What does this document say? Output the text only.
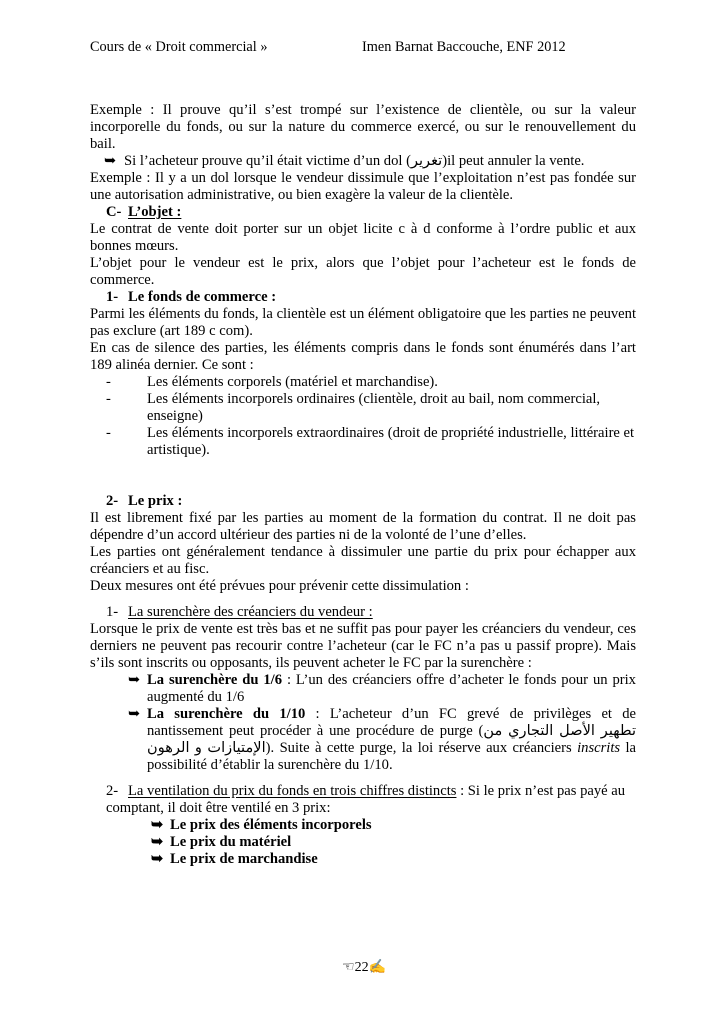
Cours de « Droit commercial »	Imen Barnat Baccouche, ENF 2012

Exemple : Il prouve qu’il s’est trompé sur l’existence de clientèle, ou sur la valeur incorporelle du fonds, ou sur la nature du commerce exercé, ou sur le renouvellement du bail.

➥ Si l’acheteur prouve qu’il était victime d’un dol (تغرير)il peut annuler la vente.

Exemple : Il y a un dol lorsque le vendeur dissimule que l’exploitation n’est pas fondée sur une autorisation administrative, ou bien exagère la valeur de la clientèle.

C- L’objet :

Le contrat de vente doit porter sur un objet licite c à d conforme à l’ordre public et aux bonnes mœurs.

L’objet pour le vendeur est le prix, alors que l’objet pour l’acheteur est le fonds de commerce.

1- Le fonds de commerce :

Parmi les éléments du fonds, la clientèle est un élément obligatoire que les parties ne peuvent pas exclure (art 189 c com).

En cas de silence des parties, les éléments compris dans le fonds sont énumérés dans l’art 189 alinéa dernier. Ce sont :

- Les éléments corporels (matériel et marchandise).
- Les éléments incorporels ordinaires (clientèle, droit au bail, nom commercial, enseigne)
- Les éléments incorporels extraordinaires (droit de propriété industrielle, littéraire et artistique).

2- Le prix :

Il est librement fixé par les parties au moment de la formation du contrat. Il ne doit pas dépendre d’un accord ultérieur des parties ni de la volonté de l’une d’elles.

Les parties ont généralement tendance à dissimuler une partie du prix pour échapper aux créanciers et au fisc.

Deux mesures ont été prévues pour prévenir cette dissimulation :

1- La surenchère des créanciers du vendeur :

Lorsque le prix de vente est très bas et ne suffit pas pour payer les créanciers du vendeur, ces derniers ne peuvent pas recourir contre l’acheteur (car le FC n’a pas u passif propre). Mais s’ils sont inscrits ou opposants, ils peuvent acheter le FC par la surenchère :

➥ La surenchère du 1/6 : L’un des créanciers offre d’acheter le fonds pour un prix augmenté du 1/6

➥ La surenchère du 1/10 : L’acheteur d’un FC grevé de privilèges et de nantissement peut procéder à une procédure de purge (تطهير الأصل التجاري من الإمتيازات و الرهون). Suite à cette purge, la loi réserve aux créanciers inscrits la possibilité d’établir la surenchère du 1/10.

2- La ventilation du prix du fonds en trois chiffres distincts : Si le prix n’est pas payé au comptant, il doit être ventilé en 3 prix:

➥ Le prix des éléments incorporels

➥ Le prix du matériel

➥ Le prix de marchandise

☜22✍
